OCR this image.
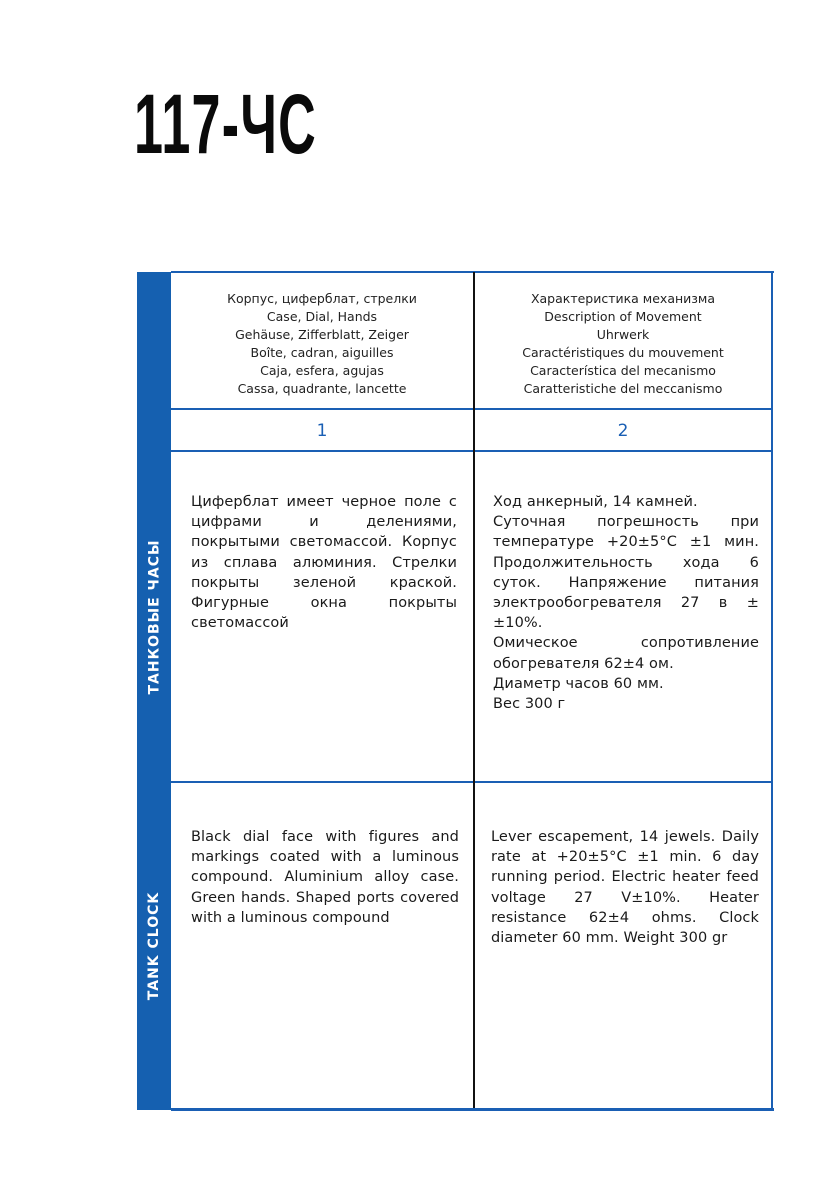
117-ЧС
ТАНКОВЫЕ ЧАСЫ
TANK CLOCK
Корпус, циферблат, стрелки
Case, Dial, Hands
Gehäuse, Zifferblatt, Zeiger
Boîte, cadran, aiguilles
Caja, esfera, agujas
Cassa, quadrante, lancette
Характеристика механизма
Description of Movement
Uhrwerk
Caractéristiques du mouvement
Característica del mecanismo
Caratteristiche del meccanismo
1	2
Циферблат имеет черное поле с цифрами и делениями, покрытыми светомассой. Корпус из сплава алюминия. Стрелки покрыты зеленой краской. Фигурные окна покрыты светомассой
Ход анкерный, 14 камней.
Суточная погрешность при температуре +20±5°C ±1 мин. Продолжительность хода 6 суток. Напряжение питания электрообогревателя 27 в ± ±10%.
Омическое сопротивление обогревателя 62±4 ом.
Диаметр часов 60 мм.
Вес 300 г
Black dial face with figures and markings coated with a luminous compound. Aluminium alloy case. Green hands. Shaped ports covered with a luminous compound
Lever escapement, 14 jewels. Daily rate at +20±5°C ±1 min. 6 day running period. Electric heater feed voltage 27 V±10%. Heater resistance 62±4 ohms. Clock diameter 60 mm. Weight 300 gr
